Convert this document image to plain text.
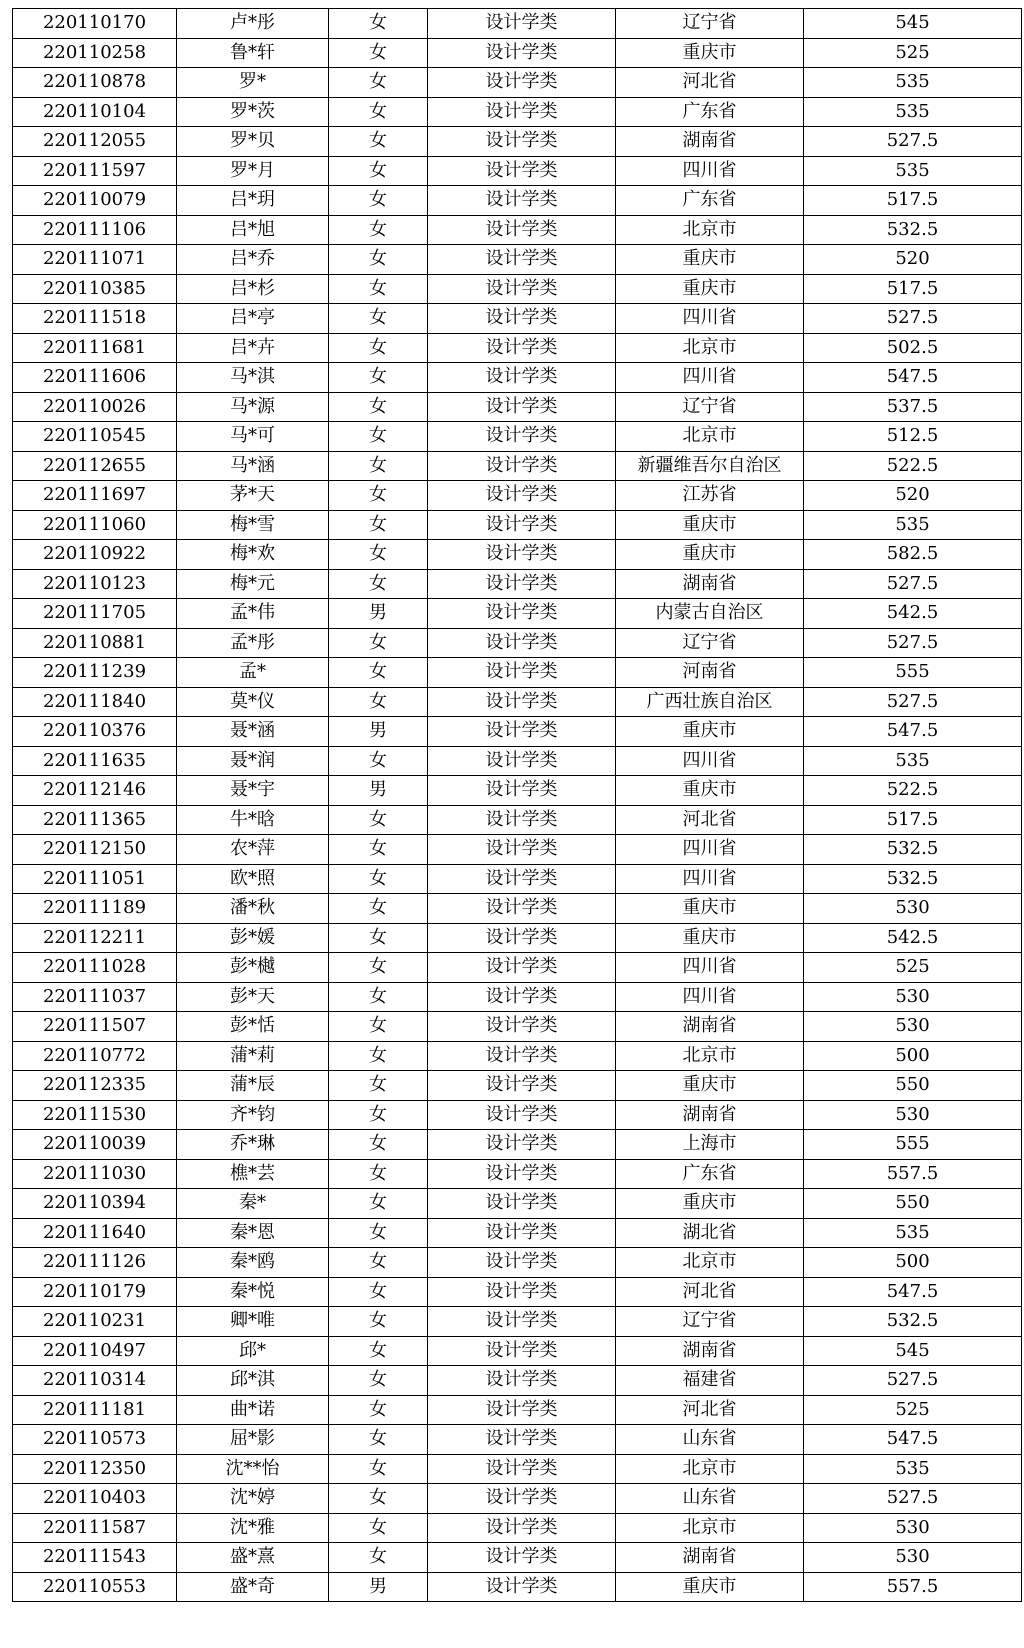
220110170	卢*彤	女	设计学类	辽宁省	545
220110258	鲁*轩	女	设计学类	重庆市	525
220110878	罗*	女	设计学类	河北省	535
220110104	罗*茨	女	设计学类	广东省	535
220112055	罗*贝	女	设计学类	湖南省	527.5
220111597	罗*月	女	设计学类	四川省	535
220110079	吕*玥	女	设计学类	广东省	517.5
220111106	吕*旭	女	设计学类	北京市	532.5
220111071	吕*乔	女	设计学类	重庆市	520
220110385	吕*杉	女	设计学类	重庆市	517.5
220111518	吕*亭	女	设计学类	四川省	527.5
220111681	吕*卉	女	设计学类	北京市	502.5
220111606	马*淇	女	设计学类	四川省	547.5
220110026	马*源	女	设计学类	辽宁省	537.5
220110545	马*可	女	设计学类	北京市	512.5
220112655	马*涵	女	设计学类	新疆维吾尔自治区	522.5
220111697	茅*天	女	设计学类	江苏省	520
220111060	梅*雪	女	设计学类	重庆市	535
220110922	梅*欢	女	设计学类	重庆市	582.5
220110123	梅*元	女	设计学类	湖南省	527.5
220111705	孟*伟	男	设计学类	内蒙古自治区	542.5
220110881	孟*彤	女	设计学类	辽宁省	527.5
220111239	孟*	女	设计学类	河南省	555
220111840	莫*仪	女	设计学类	广西壮族自治区	527.5
220110376	聂*涵	男	设计学类	重庆市	547.5
220111635	聂*润	女	设计学类	四川省	535
220112146	聂*宇	男	设计学类	重庆市	522.5
220111365	牛*晗	女	设计学类	河北省	517.5
220112150	农*萍	女	设计学类	四川省	532.5
220111051	欧*照	女	设计学类	四川省	532.5
220111189	潘*秋	女	设计学类	重庆市	530
220112211	彭*媛	女	设计学类	重庆市	542.5
220111028	彭*樾	女	设计学类	四川省	525
220111037	彭*天	女	设计学类	四川省	530
220111507	彭*恬	女	设计学类	湖南省	530
220110772	蒲*莉	女	设计学类	北京市	500
220112335	蒲*辰	女	设计学类	重庆市	550
220111530	齐*钧	女	设计学类	湖南省	530
220110039	乔*琳	女	设计学类	上海市	555
220111030	樵*芸	女	设计学类	广东省	557.5
220110394	秦*	女	设计学类	重庆市	550
220111640	秦*恩	女	设计学类	湖北省	535
220111126	秦*鸥	女	设计学类	北京市	500
220110179	秦*悦	女	设计学类	河北省	547.5
220110231	卿*唯	女	设计学类	辽宁省	532.5
220110497	邱*	女	设计学类	湖南省	545
220110314	邱*淇	女	设计学类	福建省	527.5
220111181	曲*诺	女	设计学类	河北省	525
220110573	屈*影	女	设计学类	山东省	547.5
220112350	沈**怡	女	设计学类	北京市	535
220110403	沈*婷	女	设计学类	山东省	527.5
220111587	沈*雅	女	设计学类	北京市	530
220111543	盛*熹	女	设计学类	湖南省	530
220110553	盛*奇	男	设计学类	重庆市	557.5
